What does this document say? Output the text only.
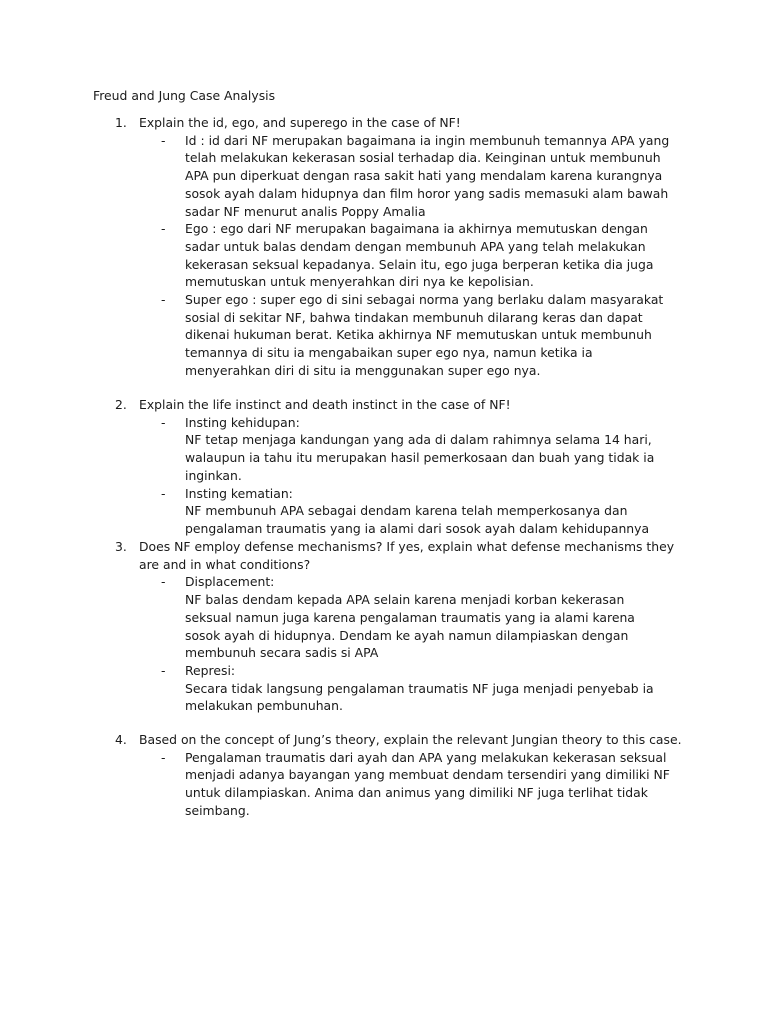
Freud and Jung Case Analysis
1. Explain the id, ego, and superego in the case of NF!
- Id : id dari NF merupakan bagaimana ia ingin membunuh temannya APA yang telah melakukan kekerasan sosial terhadap dia. Keinginan untuk membunuh APA pun diperkuat dengan rasa sakit hati yang mendalam karena kurangnya sosok ayah dalam hidupnya dan film horor yang sadis memasuki alam bawah sadar NF menurut analis Poppy Amalia
- Ego : ego dari NF merupakan bagaimana ia akhirnya memutuskan dengan sadar untuk balas dendam dengan membunuh APA yang telah melakukan kekerasan seksual kepadanya. Selain itu, ego juga berperan ketika dia juga memutuskan untuk menyerahkan diri nya ke kepolisian.
- Super ego : super ego di sini sebagai norma yang berlaku dalam masyarakat sosial di sekitar NF, bahwa tindakan membunuh dilarang keras dan dapat dikenai hukuman berat. Ketika akhirnya NF memutuskan untuk membunuh temannya di situ ia mengabaikan super ego nya, namun ketika ia menyerahkan diri di situ ia menggunakan super ego nya.
2. Explain the life instinct and death instinct in the case of NF!
- Insting kehidupan:
NF tetap menjaga kandungan yang ada di dalam rahimnya selama 14 hari, walaupun ia tahu itu merupakan hasil pemerkosaan dan buah yang tidak ia inginkan.
- Insting kematian:
NF membunuh APA sebagai dendam karena telah memperkosanya dan pengalaman traumatis yang ia alami dari sosok ayah dalam kehidupannya
3. Does NF employ defense mechanisms? If yes, explain what defense mechanisms they are and in what conditions?
- Displacement:
NF balas dendam kepada APA selain karena menjadi korban kekerasan seksual namun juga karena pengalaman traumatis yang ia alami karena sosok ayah di hidupnya. Dendam ke ayah namun dilampiaskan dengan membunuh secara sadis si APA
- Represi:
Secara tidak langsung pengalaman traumatis NF juga menjadi penyebab ia melakukan pembunuhan.
4. Based on the concept of Jung’s theory, explain the relevant Jungian theory to this case.
- Pengalaman traumatis dari ayah dan APA yang melakukan kekerasan seksual menjadi adanya bayangan yang membuat dendam tersendiri yang dimiliki NF untuk dilampiaskan. Anima dan animus yang dimiliki NF juga terlihat tidak seimbang.
